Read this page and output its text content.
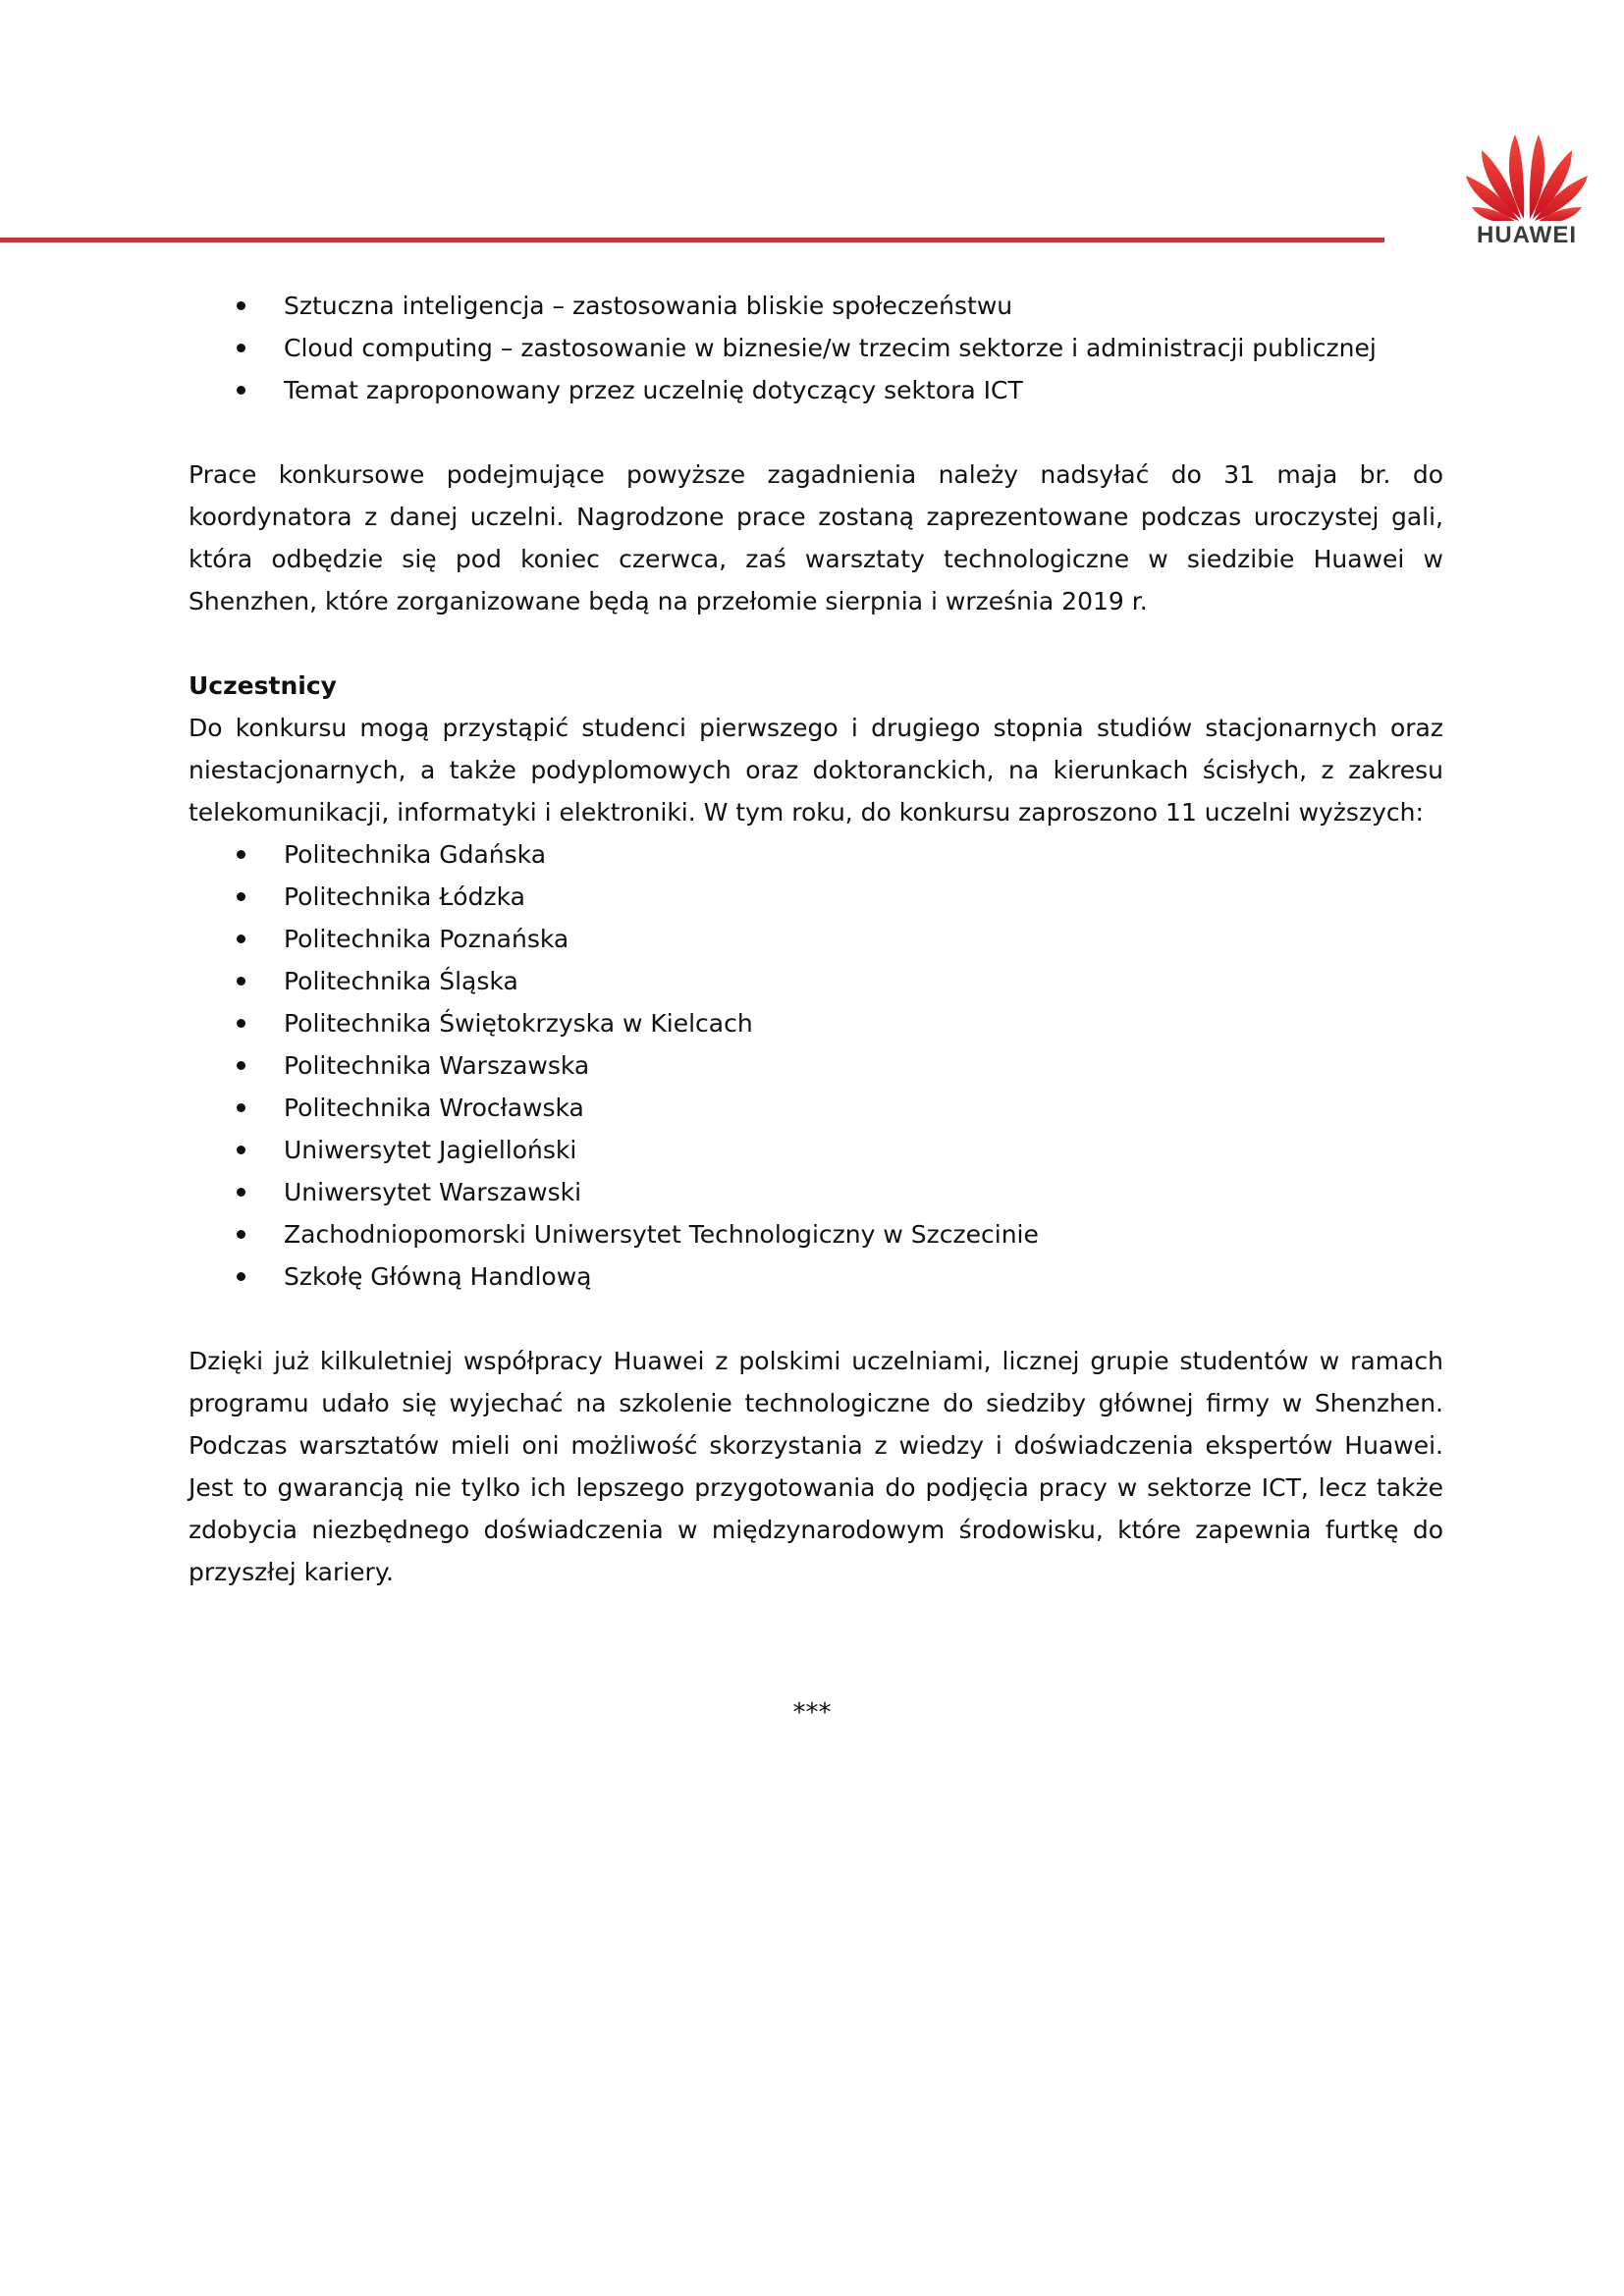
HUAWEI
Sztuczna inteligencja – zastosowania bliskie społeczeństwu
Cloud computing – zastosowanie w biznesie/w trzecim sektorze i administracji publicznej
Temat zaproponowany przez uczelnię dotyczący sektora ICT

Prace konkursowe podejmujące powyższe zagadnienia należy nadsyłać do 31 maja br. do koordynatora z danej uczelni. Nagrodzone prace zostaną zaprezentowane podczas uroczystej gali, która odbędzie się pod koniec czerwca, zaś warsztaty technologiczne w siedzibie Huawei w Shenzhen, które zorganizowane będą na przełomie sierpnia i września 2019 r.

Uczestnicy

Do konkursu mogą przystąpić studenci pierwszego i drugiego stopnia studiów stacjonarnych oraz niestacjonarnych, a także podyplomowych oraz doktoranckich, na kierunkach ścisłych, z zakresu telekomunikacji, informatyki i elektroniki. W tym roku, do konkursu zaproszono 11 uczelni wyższych:

Politechnika Gdańska
Politechnika Łódzka
Politechnika Poznańska
Politechnika Śląska
Politechnika Świętokrzyska w Kielcach
Politechnika Warszawska
Politechnika Wrocławska
Uniwersytet Jagielloński
Uniwersytet Warszawski
Zachodniopomorski Uniwersytet Technologiczny w Szczecinie
Szkołę Główną Handlową

Dzięki już kilkuletniej współpracy Huawei z polskimi uczelniami, licznej grupie studentów w ramach programu udało się wyjechać na szkolenie technologiczne do siedziby głównej firmy w Shenzhen. Podczas warsztatów mieli oni możliwość skorzystania z wiedzy i doświadczenia ekspertów Huawei. Jest to gwarancją nie tylko ich lepszego przygotowania do podjęcia pracy w sektorze ICT, lecz także zdobycia niezbędnego doświadczenia w międzynarodowym środowisku, które zapewnia furtkę do przyszłej kariery.

***
